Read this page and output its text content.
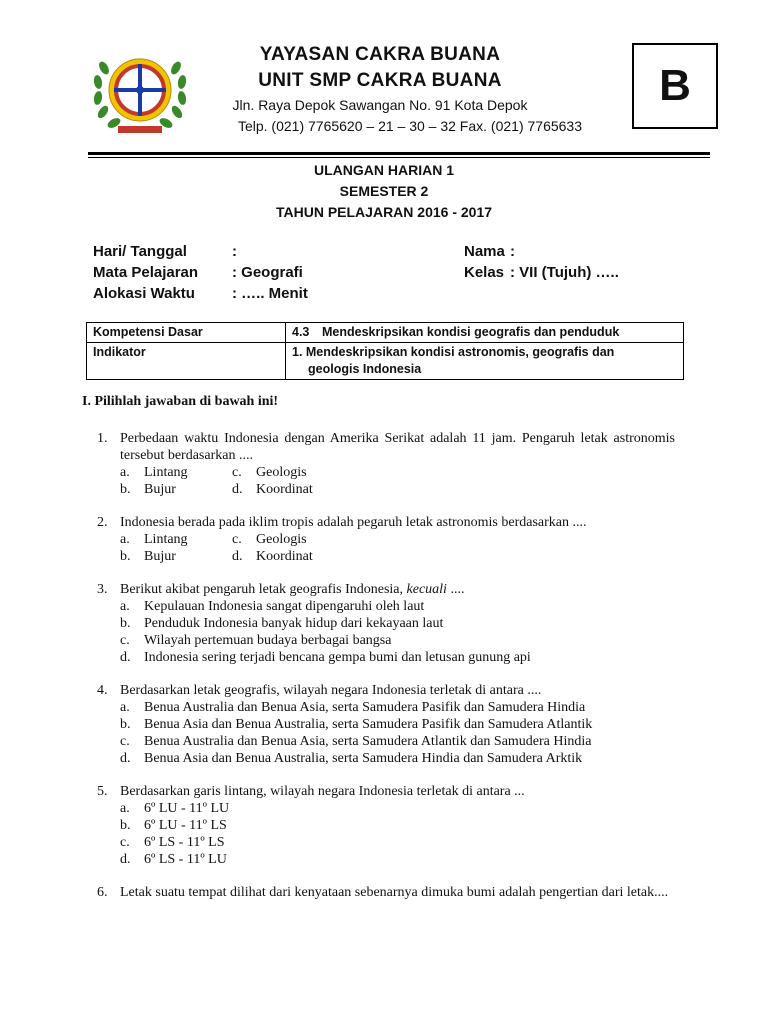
YAYASAN CAKRA BUANA
UNIT SMP CAKRA BUANA
Jln. Raya Depok Sawangan No. 91 Kota Depok
Telp. (021) 7765620 – 21 – 30 – 32 Fax. (021) 7765633
B
ULANGAN HARIAN 1
SEMESTER 2
TAHUN PELAJARAN 2016 - 2017
Hari/ Tanggal	:
Mata Pelajaran : Geografi
Alokasi Waktu : ….. Menit
Nama :
Kelas : VII (Tujuh) …..
Kompetensi Dasar	4.3 Mendeskripsikan kondisi geografis dan penduduk
Indikator	1. Mendeskripsikan kondisi astronomis, geografis dan
geologis Indonesia
I. Pilihlah jawaban di bawah ini!
1. Perbedaan waktu Indonesia dengan Amerika Serikat adalah 11 jam. Pengaruh letak astronomis tersebut berdasarkan ....
a. Lintang	c. Geologis
b. Bujur	d. Koordinat
2. Indonesia berada pada iklim tropis adalah pegaruh letak astronomis berdasarkan ....
a. Lintang	c. Geologis
b. Bujur	d. Koordinat
3. Berikut akibat pengaruh letak geografis Indonesia, kecuali ....
a. Kepulauan Indonesia sangat dipengaruhi oleh laut
b. Penduduk Indonesia banyak hidup dari kekayaan laut
c. Wilayah pertemuan budaya berbagai bangsa
d. Indonesia sering terjadi bencana gempa bumi dan letusan gunung api
4. Berdasarkan letak geografis, wilayah negara Indonesia terletak di antara ....
a. Benua Australia dan Benua Asia, serta Samudera Pasifik dan Samudera Hindia
b. Benua Asia dan Benua Australia, serta Samudera Pasifik dan Samudera Atlantik
c. Benua Australia dan Benua Asia, serta Samudera Atlantik dan Samudera Hindia
d. Benua Asia dan Benua Australia, serta Samudera Hindia dan Samudera Arktik
5. Berdasarkan garis lintang, wilayah negara Indonesia terletak di antara ...
a. 6º LU - 11º LU
b. 6º LU - 11º LS
c. 6º LS - 11º LS
d. 6º LS - 11º LU
6. Letak suatu tempat dilihat dari kenyataan sebenarnya dimuka bumi adalah pengertian dari letak....
